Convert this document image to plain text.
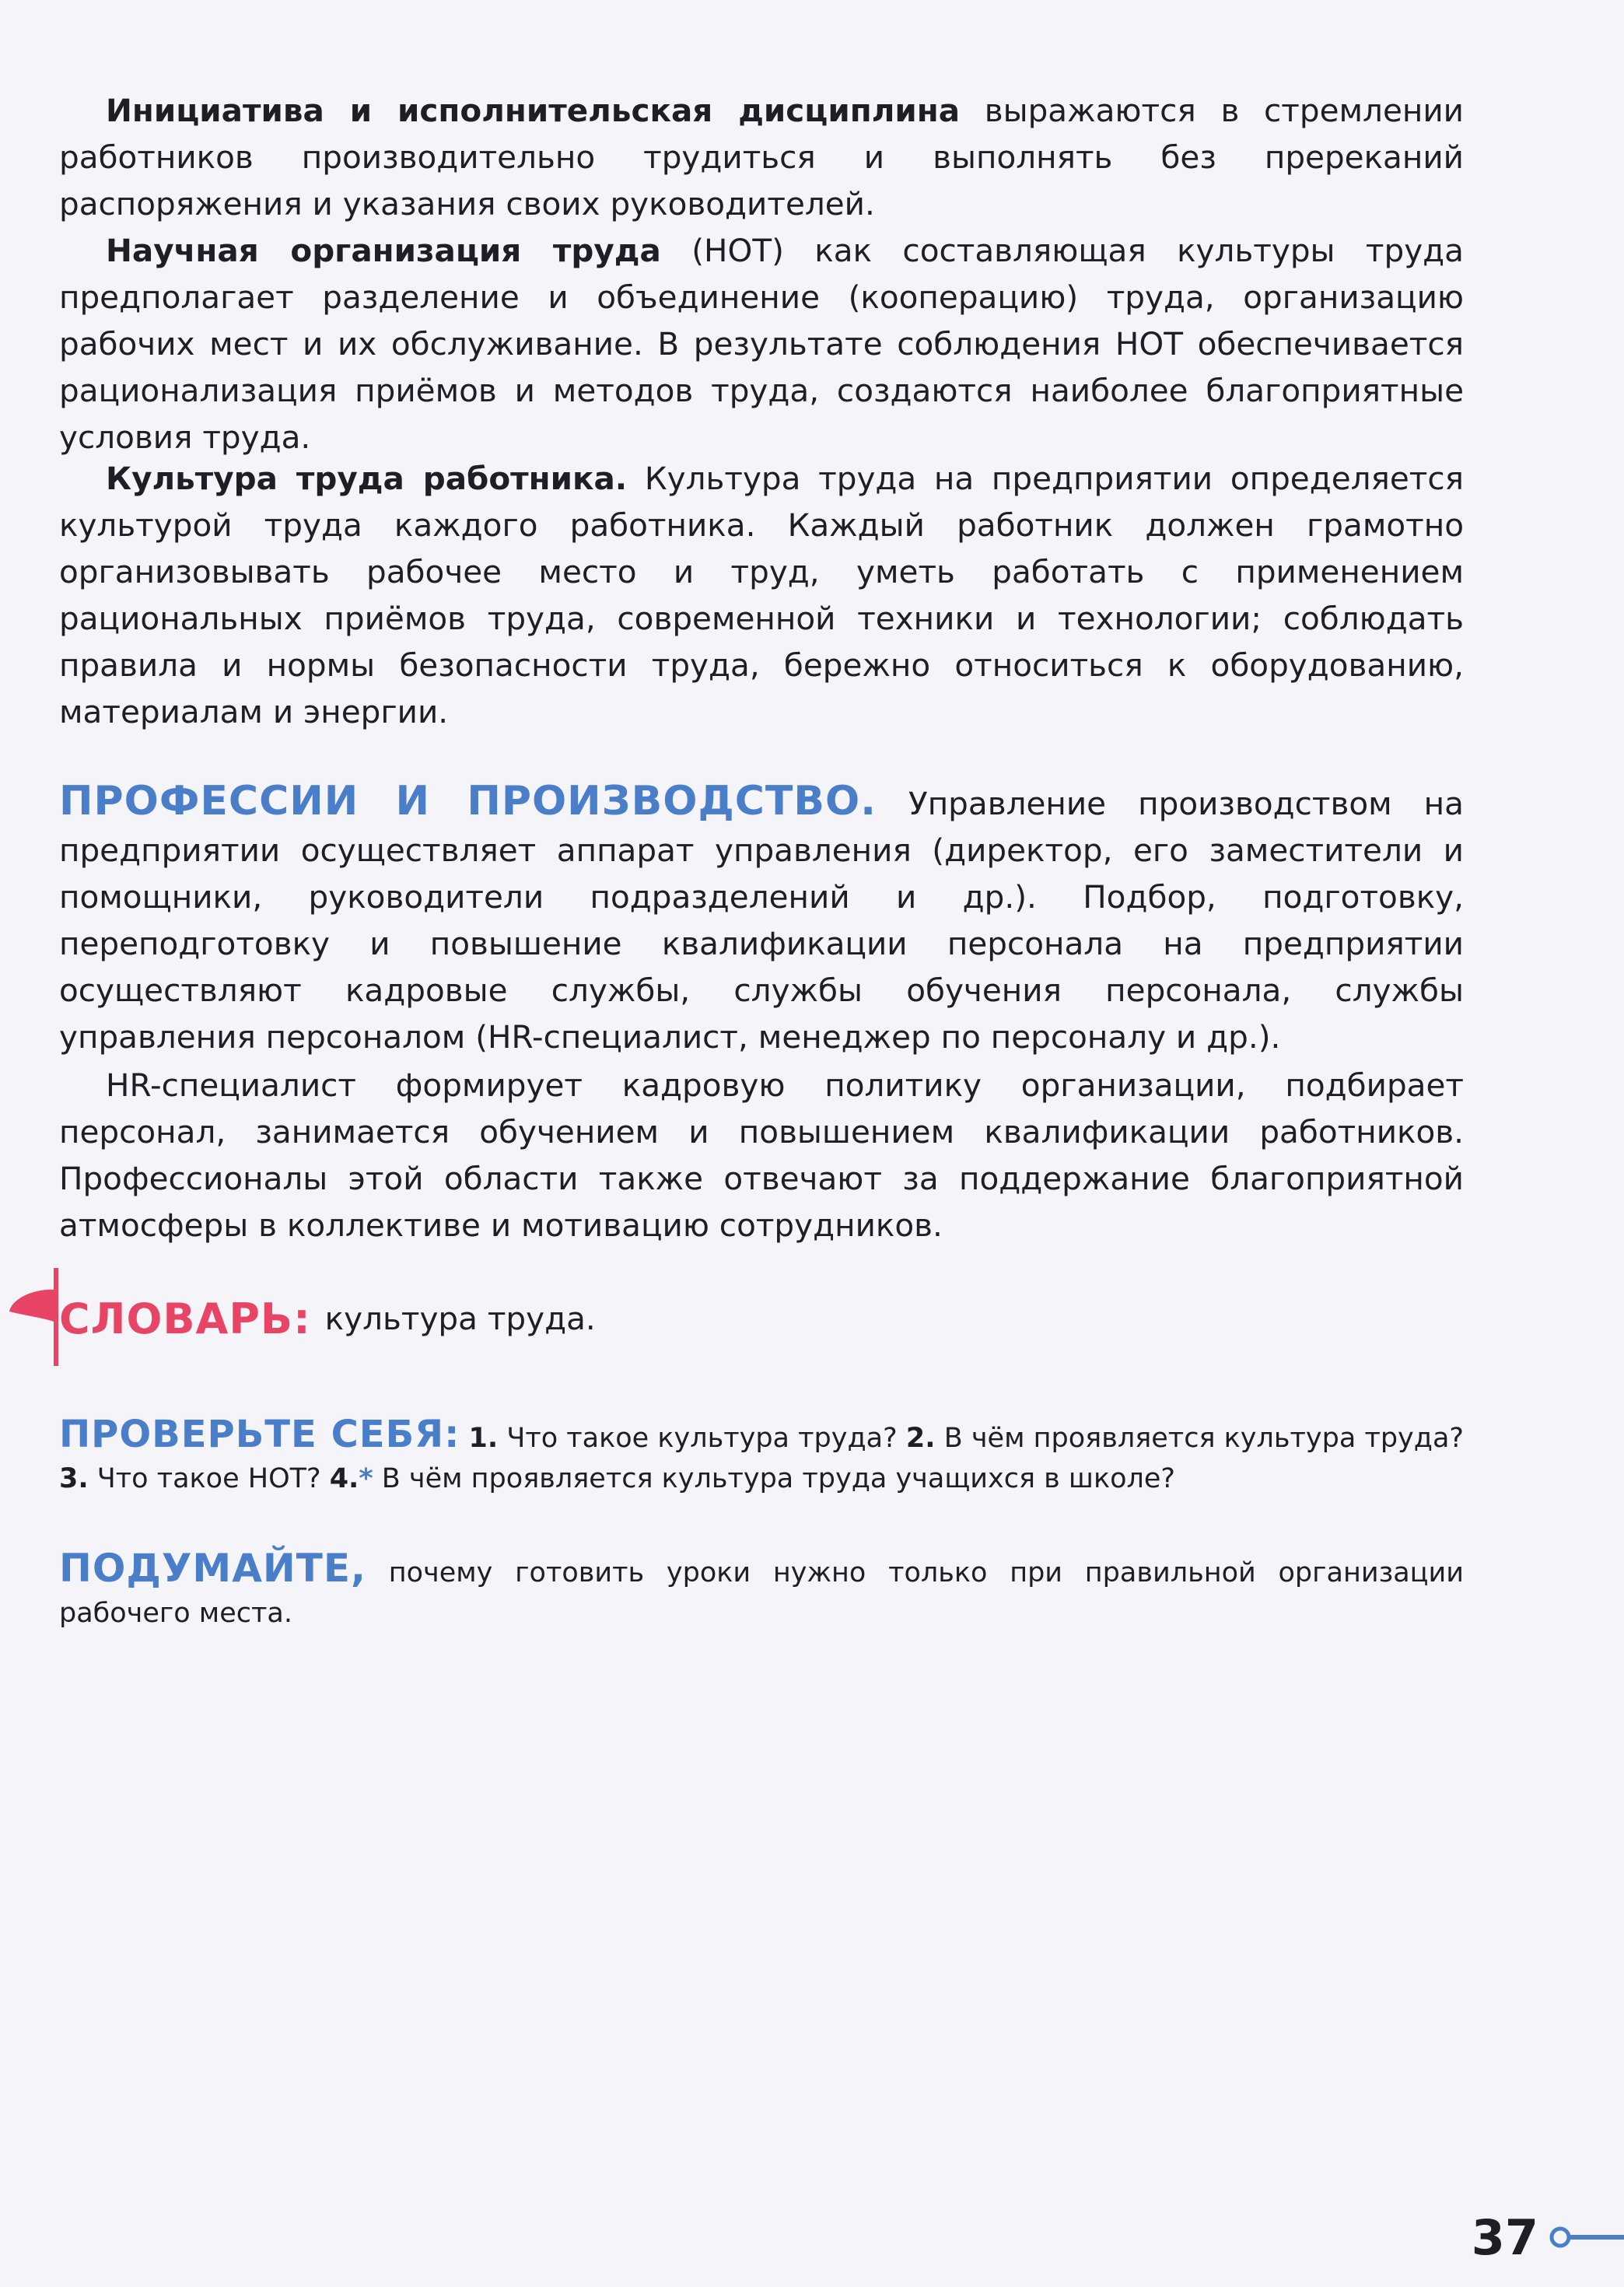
Инициатива и исполнительская дисциплина выражаются в стремлении работников производительно трудиться и выполнять без пререканий распоряжения и указания своих руководителей.

Научная организация труда (НОТ) как составляющая культуры труда предполагает разделение и объединение (кооперацию) труда, организацию рабочих мест и их обслуживание. В результате соблюдения НОТ обеспечивается рационализация приёмов и методов труда, создаются наиболее благоприятные условия труда.

Культура труда работника. Культура труда на предприятии определяется культурой труда каждого работника. Каждый работник должен грамотно организовывать рабочее место и труд, уметь работать с применением рациональных приёмов труда, современной техники и технологии; соблюдать правила и нормы безопасности труда, бережно относиться к оборудованию, материалам и энергии.

ПРОФЕССИИ И ПРОИЗВОДСТВО. Управление производством на предприятии осуществляет аппарат управления (директор, его заместители и помощники, руководители подразделений и др.). Подбор, подготовку, переподготовку и повышение квалификации персонала на предприятии осуществляют кадровые службы, службы обучения персонала, службы управления персоналом (HR-специалист, менеджер по персоналу и др.).

HR-специалист формирует кадровую политику организации, подбирает персонал, занимается обучением и повышением квалификации работников. Профессионалы этой области также отвечают за поддержание благоприятной атмосферы в коллективе и мотивацию сотрудников.

СЛОВАРЬ: культура труда.

ПРОВЕРЬТЕ СЕБЯ: 1. Что такое культура труда? 2. В чём проявляется культура труда? 3. Что такое НОТ? 4.* В чём проявляется культура труда учащихся в школе?

ПОДУМАЙТЕ, почему готовить уроки нужно только при правильной организации рабочего места.

37
